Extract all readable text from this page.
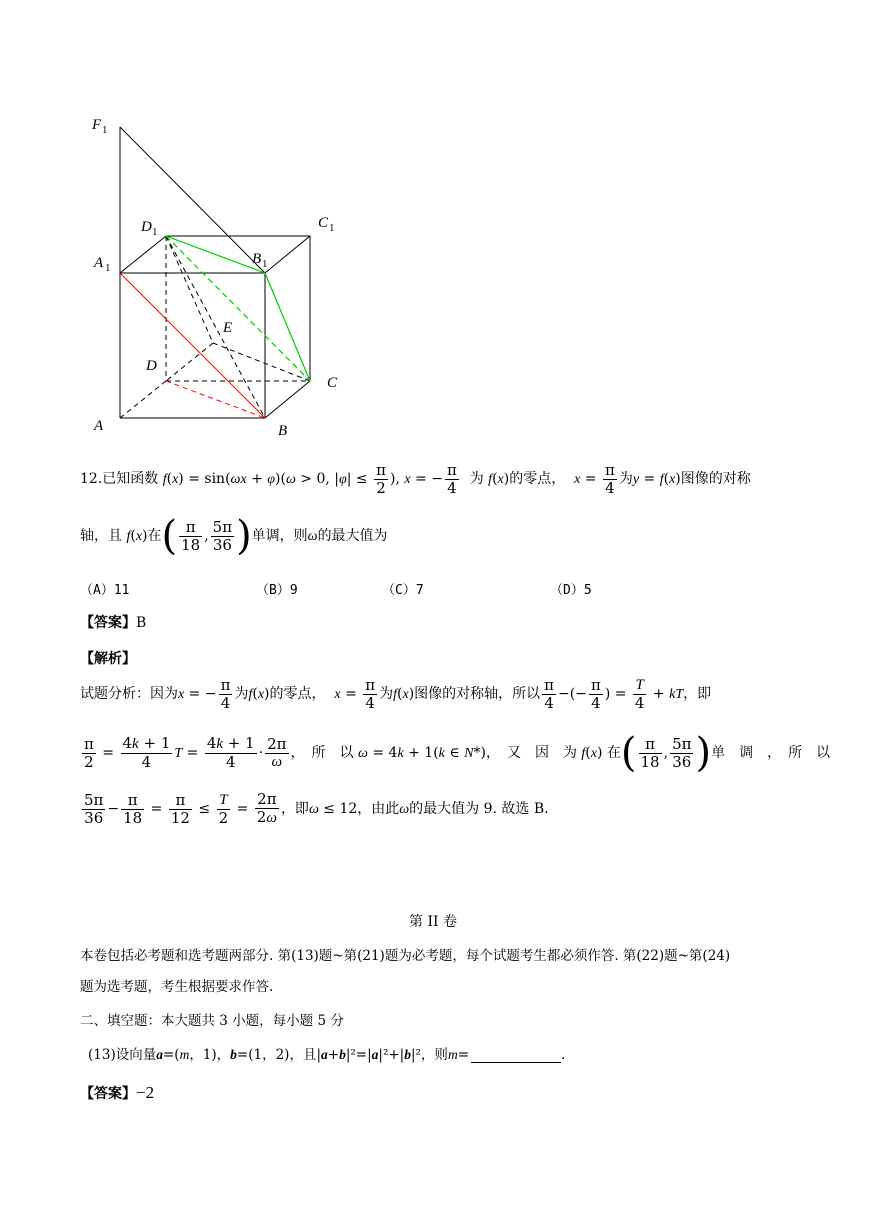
F 1
D 1
C 1
A 1
B 1
E
D
C
A	B
12.已知函数 f(x) = sin(ωx + φ)(ω > 0, $|\varphi| \le \frac{\pi}{2}$ ), x = − $\frac{\pi}{4}$ 为 f(x)的零点， $x = \frac{\pi}{4}$ 为y = f(x)图像的对称
轴，且 f(x)在( $\frac{\pi}{18}$ , $\frac{5\pi}{36}$ )单调，则ω的最大值为
（A）11	（B）9	（C）7	（D）5
【答案】B
【解析】
试题分析：因为x = − $\frac{\pi}{4}$ 为f(x)的零点， $x = \frac{\pi}{4}$ 为f(x)图像的对称轴，所以 $\frac{\pi}{4}$ −(− $\frac{\pi}{4}$ ) = $\frac{T}{4}$ + kT，即
$\frac{\pi}{2} = \frac{4k + 1}{4}$ $T = \frac{4k + 1}{4} \cdot \frac{2\pi}{\omega}$ ，　所　以 ω = 4k + 1(k ∈ N*)，　又　因　为 f(x) 在( $\frac{\pi}{18}$ , $\frac{5\pi}{36}$ )单　调　，　所　以
$\frac{5\pi}{36} - \frac{\pi}{18} = \frac{\pi}{12} \le \frac{T}{2} = \frac{2\pi}{2\omega}$ ，即ω ≤ 12，由此ω的最大值为 9. 故选 B.
第 II 卷
本卷包括必考题和选考题两部分. 第(13)题~第(21)题为必考题，每个试题考生都必须作答. 第(22)题~第(24)
题为选考题，考生根据要求作答.
二、填空题：本大题共 3 小题，每小题 5 分
(13)设向量a=(m，1)，b=(1，2)，且|a+b|²=|a|²+|b|²，则m=	.
【答案】−2
